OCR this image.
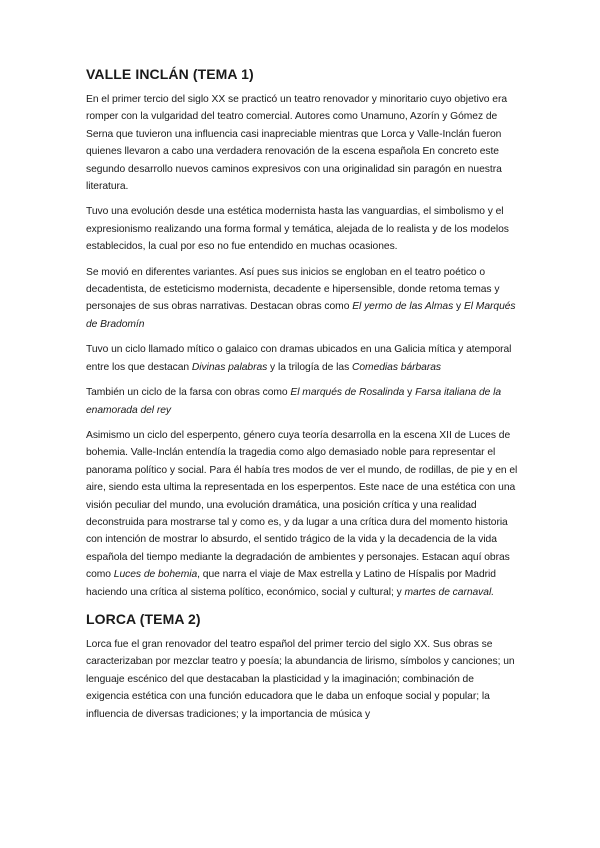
VALLE INCLÁN (TEMA 1)

En el primer tercio del siglo XX se practicó un teatro renovador y minoritario cuyo objetivo era romper con la vulgaridad del teatro comercial. Autores como Unamuno, Azorín y Gómez de Serna que tuvieron una influencia casi inapreciable mientras que Lorca y Valle-Inclán fueron quienes llevaron a cabo una verdadera renovación de la escena española En concreto este segundo desarrollo nuevos caminos expresivos con una originalidad sin paragón en nuestra literatura.

Tuvo una evolución desde una estética modernista hasta las vanguardias, el simbolismo y el expresionismo realizando una forma formal y temática, alejada de lo realista y de los modelos establecidos, la cual por eso no fue entendido en muchas ocasiones.

Se movió en diferentes variantes. Así pues sus inicios se engloban en el teatro poético o decadentista, de esteticismo modernista, decadente e hipersensible, donde retoma temas y personajes de sus obras narrativas. Destacan obras como El yermo de las Almas y El Marqués de Bradomín

Tuvo un ciclo llamado mítico o galaico con dramas ubicados en una Galicia mítica y atemporal entre los que destacan Divinas palabras y la trilogía de las Comedias bárbaras

También un ciclo de la farsa con obras como El marqués de Rosalinda y Farsa italiana de la enamorada del rey

Asimismo un ciclo del esperpento, género cuya teoría desarrolla en la escena XII de Luces de bohemia. Valle-Inclán entendía la tragedia como algo demasiado noble para representar el panorama político y social. Para él había tres modos de ver el mundo, de rodillas, de pie y en el aire, siendo esta ultima la representada en los esperpentos. Este nace de una estética con una visión peculiar del mundo, una evolución dramática, una posición crítica y una realidad deconstruida para mostrarse tal y como es, y da lugar a una crítica dura del momento historia con intención de mostrar lo absurdo, el sentido trágico de la vida y la decadencia de la vida española del tiempo mediante la degradación de ambientes y personajes. Estacan aquí obras como Luces de bohemia, que narra el viaje de Max estrella y Latino de Híspalis por Madrid haciendo una crítica al sistema político, económico, social y cultural; y martes de carnaval.

LORCA (TEMA 2)

Lorca fue el gran renovador del teatro español del primer tercio del siglo XX. Sus obras se caracterizaban por mezclar teatro y poesía; la abundancia de lirismo, símbolos y canciones; un lenguaje escénico del que destacaban la plasticidad y la imaginación; combinación de exigencia estética con una función educadora que le daba un enfoque social y popular; la influencia de diversas tradiciones; y la importancia de música y
